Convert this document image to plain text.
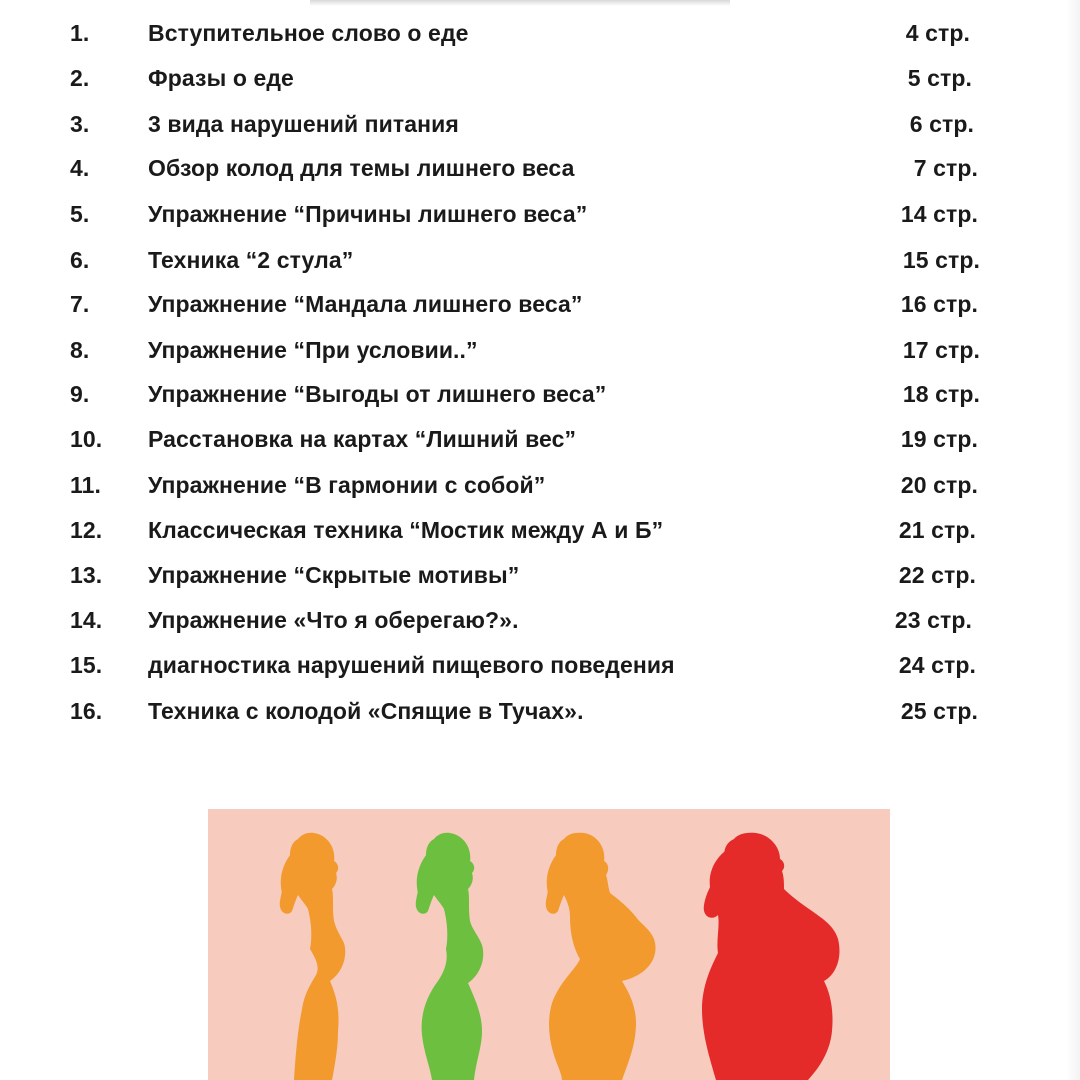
1.	Вступительное слово о еде	4 стр.
2.	Фразы о еде	5 стр.
3.	3 вида нарушений питания	6 стр.
4.	Обзор колод для темы лишнего веса	7 стр.
5.	Упражнение “Причины лишнего веса”	14 стр.
6.	Техника “2 стула”	15 стр.
7.	Упражнение “Мандала лишнего веса”	16 стр.
8.	Упражнение “При условии..”	17 стр.
9.	Упражнение “Выгоды от лишнего веса”	18 стр.
10. Расстановка на картах “Лишний вес”	19 стр.
11. Упражнение “В гармонии с собой”	20 стр.
12. Классическая техника “Мостик между А и Б”	21 стр.
13. Упражнение “Скрытые мотивы”	22 стр.
14. Упражнение «Что я оберегаю?».	23 стр.
15. диагностика нарушений пищевого поведения	24 стр.
16. Техника с колодой «Спящие в Тучах».	25 стр.
